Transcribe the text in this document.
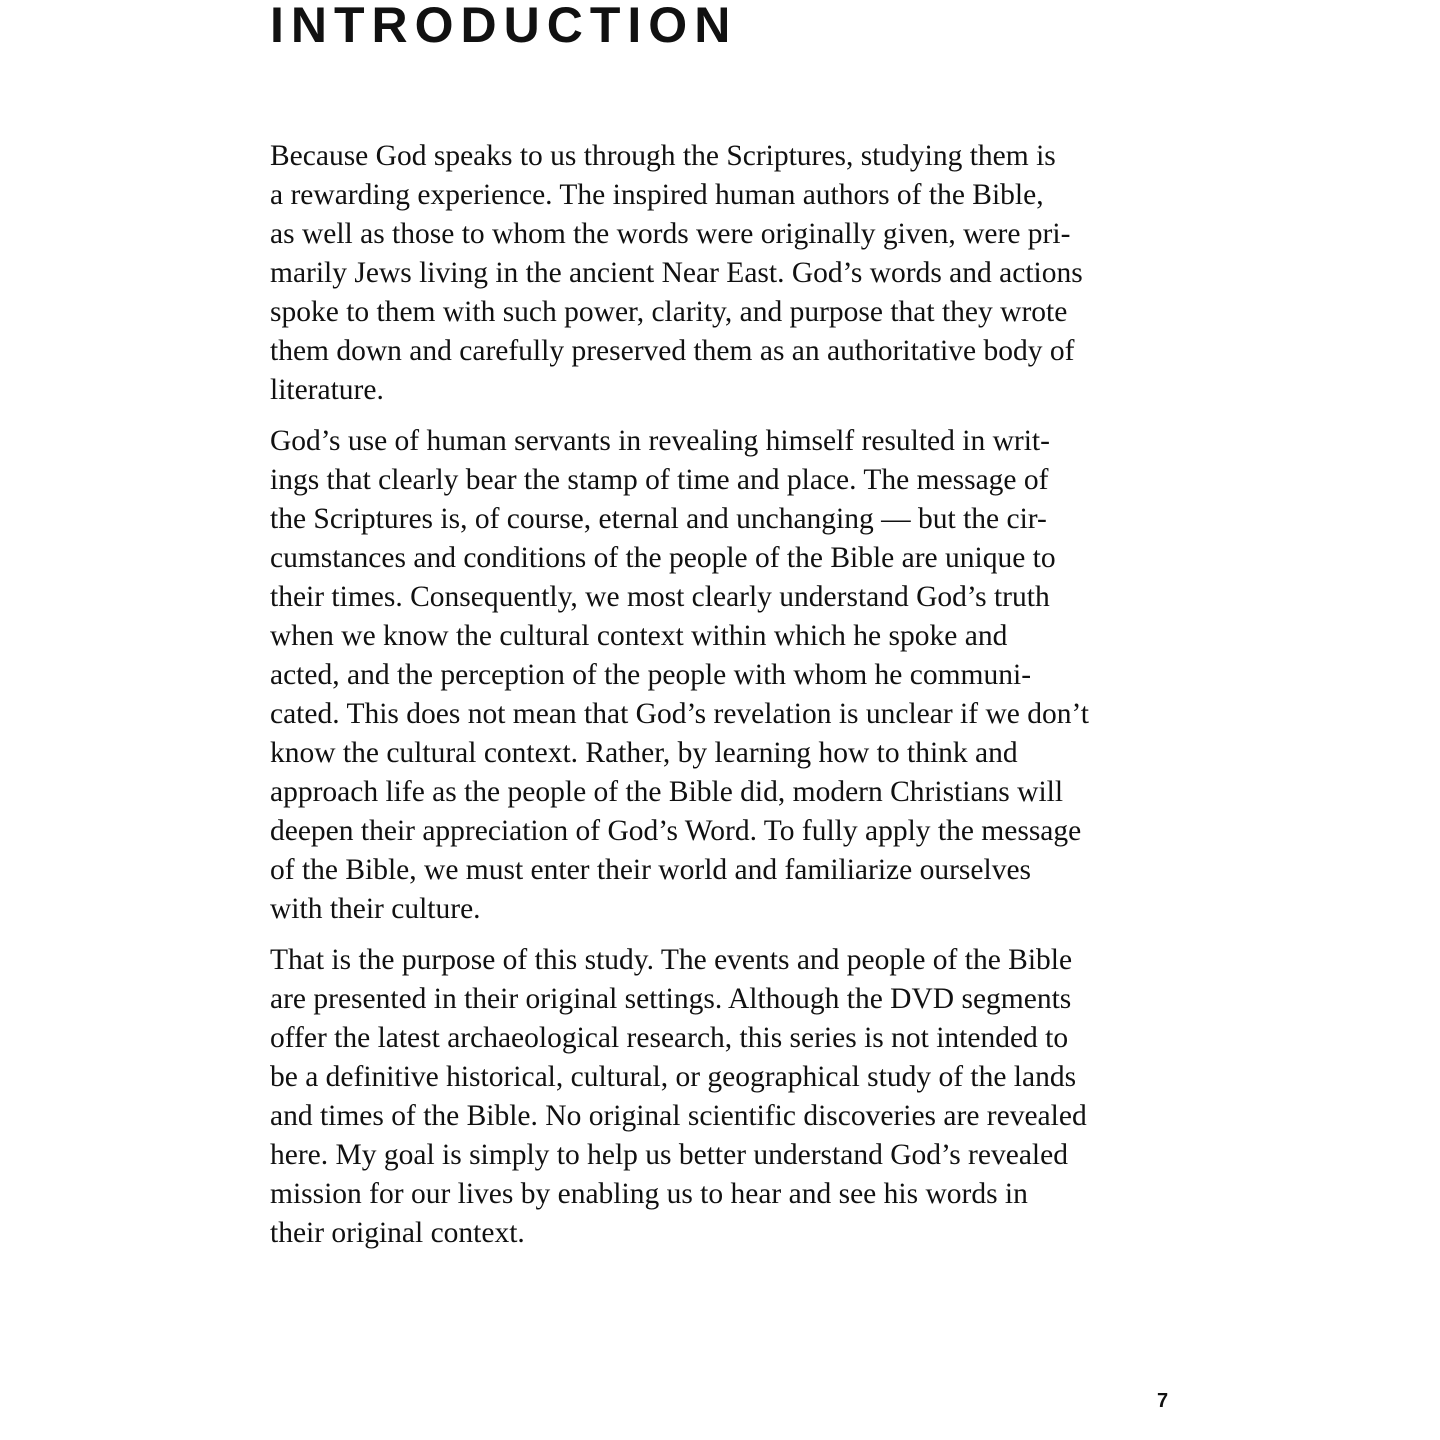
INTRODUCTION

Because God speaks to us through the Scriptures, studying them is
a rewarding experience. The inspired human authors of the Bible,
as well as those to whom the words were originally given, were pri-
marily Jews living in the ancient Near East. God’s words and actions
spoke to them with such power, clarity, and purpose that they wrote
them down and carefully preserved them as an authoritative body of
literature.

God’s use of human servants in revealing himself resulted in writ-
ings that clearly bear the stamp of time and place. The message of
the Scriptures is, of course, eternal and unchanging — but the cir-
cumstances and conditions of the people of the Bible are unique to
their times. Consequently, we most clearly understand God’s truth
when we know the cultural context within which he spoke and
acted, and the perception of the people with whom he communi-
cated. This does not mean that God’s revelation is unclear if we don’t
know the cultural context. Rather, by learning how to think and
approach life as the people of the Bible did, modern Christians will
deepen their appreciation of God’s Word. To fully apply the message
of the Bible, we must enter their world and familiarize ourselves
with their culture.

That is the purpose of this study. The events and people of the Bible
are presented in their original settings. Although the DVD segments
offer the latest archaeological research, this series is not intended to
be a definitive historical, cultural, or geographical study of the lands
and times of the Bible. No original scientific discoveries are revealed
here. My goal is simply to help us better understand God’s revealed
mission for our lives by enabling us to hear and see his words in
their original context.

7
